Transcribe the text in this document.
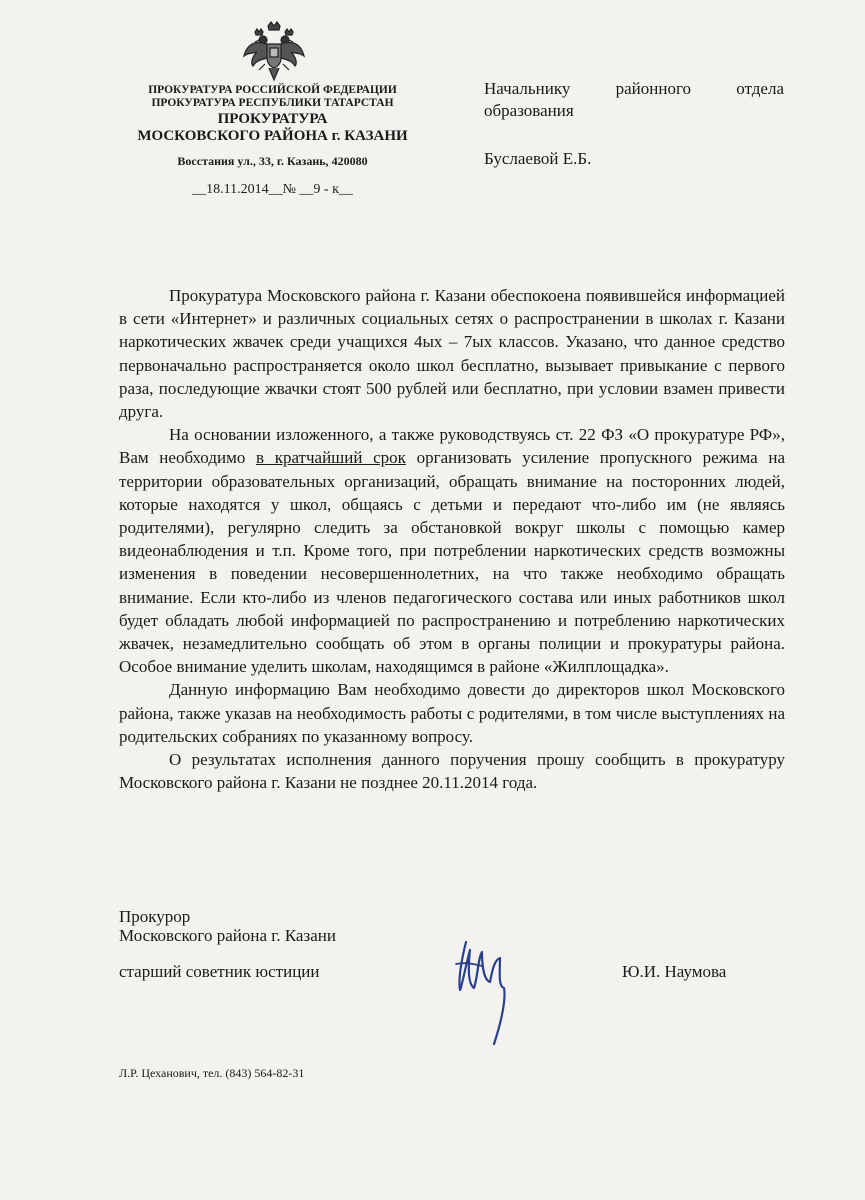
ПРОКУРАТУРА РОССИЙСКОЙ ФЕДЕРАЦИИ
ПРОКУРАТУРА РЕСПУБЛИКИ ТАТАРСТАН
ПРОКУРАТУРА
МОСКОВСКОГО РАЙОНА г. КАЗАНИ
Восстания ул., 33, г. Казань, 420080
__18.11.2014__№ __9 - к__
Начальнику районного отдела
образования
Буслаевой Е.Б.

Прокуратура Московского района г. Казани обеспокоена появившейся информацией в сети «Интернет» и различных социальных сетях о распространении в школах г. Казани наркотических жвачек среди учащихся 4ых – 7ых классов. Указано, что данное средство первоначально распространяется около школ бесплатно, вызывает привыкание с первого раза, последующие жвачки стоят 500 рублей или бесплатно, при условии взамен привести друга.

На основании изложенного, а также руководствуясь ст. 22 ФЗ «О прокуратуре РФ», Вам необходимо в кратчайший срок организовать усиление пропускного режима на территории образовательных организаций, обращать внимание на посторонних людей, которые находятся у школ, общаясь с детьми и передают что-либо им (не являясь родителями), регулярно следить за обстановкой вокруг школы с помощью камер видеонаблюдения и т.п. Кроме того, при потреблении наркотических средств возможны изменения в поведении несовершеннолетних, на что также необходимо обращать внимание. Если кто-либо из членов педагогического состава или иных работников школ будет обладать любой информацией по распространению и потреблению наркотических жвачек, незамедлительно сообщать об этом в органы полиции и прокуратуры района. Особое внимание уделить школам, находящимся в районе «Жилплощадка».

Данную информацию Вам необходимо довести до директоров школ Московского района, также указав на необходимость работы с родителями, в том числе выступлениях на родительских собраниях по указанному вопросу.

О результатах исполнения данного поручения прошу сообщить в прокуратуру Московского района г. Казани не позднее 20.11.2014 года.

Прокурор
Московского района г. Казани
старший советник юстиции	Ю.И. Наумова
Л.Р. Цеханович, тел. (843) 564-82-31
